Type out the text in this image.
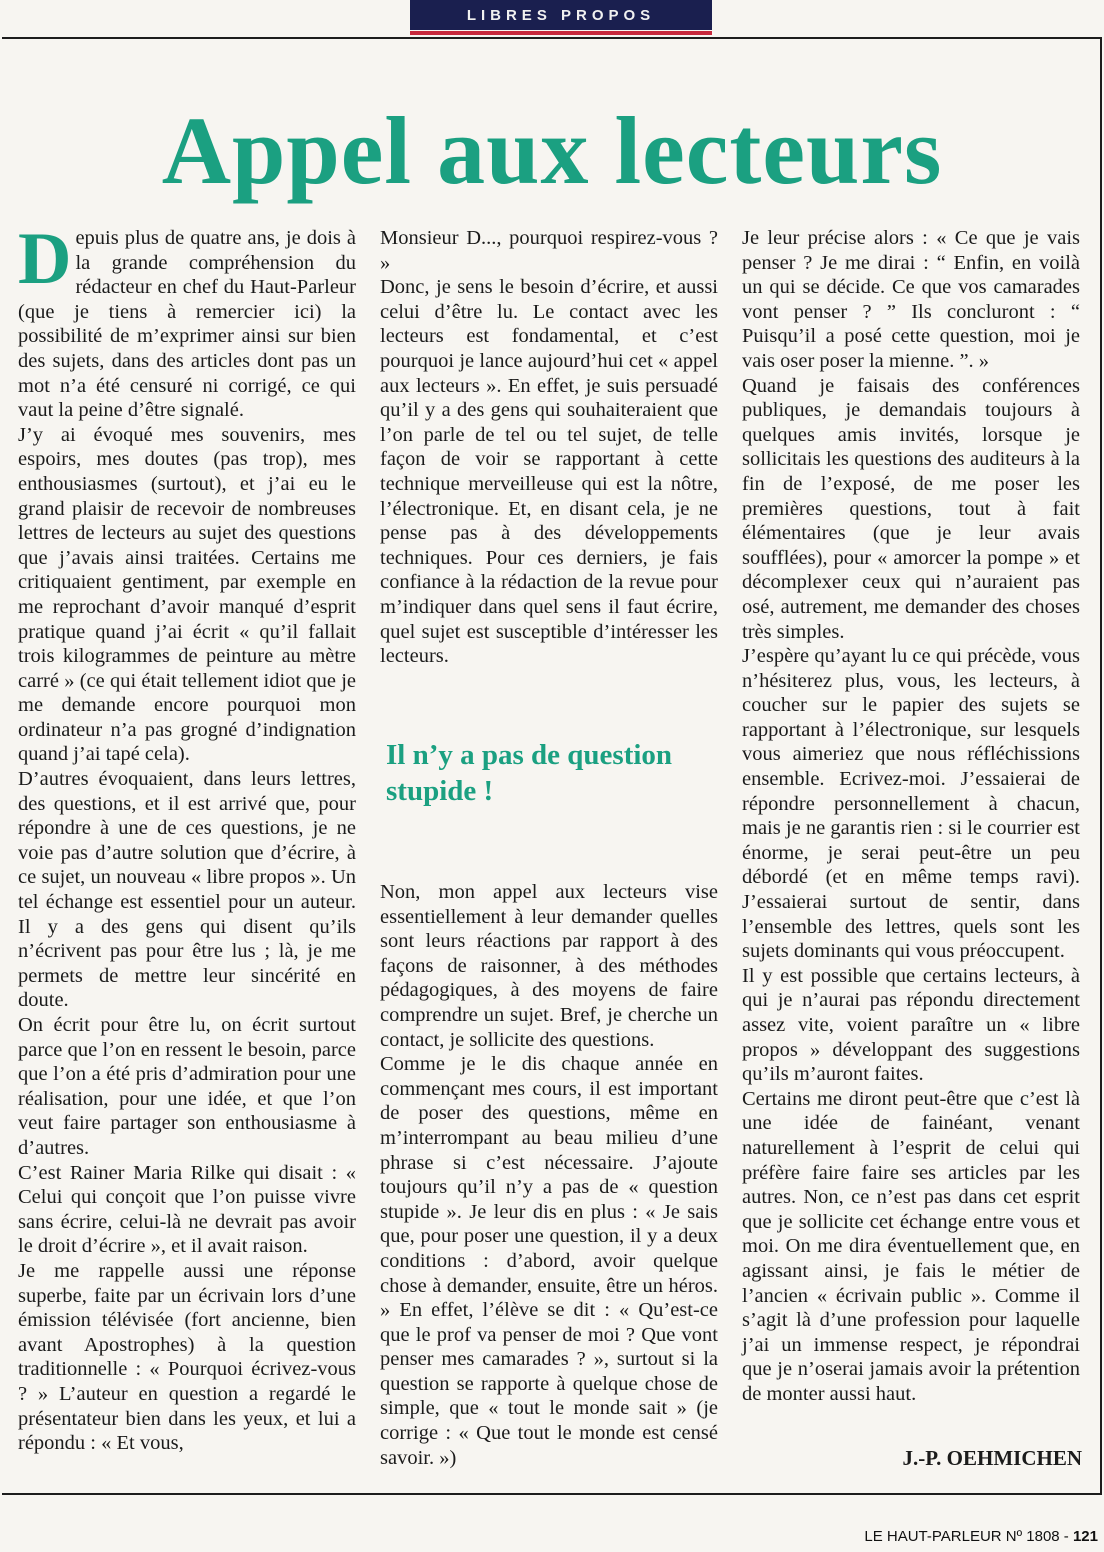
LIBRES PROPOS
Appel aux lecteurs

Depuis plus de quatre ans, je dois à la grande compréhension du rédacteur en chef du Haut-Parleur (que je tiens à remercier ici) la possibilité de m’exprimer ainsi sur bien des sujets, dans des articles dont pas un mot n’a été censuré ni corrigé, ce qui vaut la peine d’être signalé.

J’y ai évoqué mes souvenirs, mes espoirs, mes doutes (pas trop), mes enthousiasmes (surtout), et j’ai eu le grand plaisir de recevoir de nombreuses lettres de lecteurs au sujet des questions que j’avais ainsi traitées. Certains me critiquaient gentiment, par exemple en me reprochant d’avoir manqué d’esprit pratique quand j’ai écrit « qu’il fallait trois kilogrammes de peinture au mètre carré » (ce qui était tellement idiot que je me demande encore pourquoi mon ordinateur n’a pas grogné d’indignation quand j’ai tapé cela).

D’autres évoquaient, dans leurs lettres, des questions, et il est arrivé que, pour répondre à une de ces questions, je ne voie pas d’autre solution que d’écrire, à ce sujet, un nouveau « libre propos ». Un tel échange est essentiel pour un auteur. Il y a des gens qui disent qu’ils n’écrivent pas pour être lus ; là, je me permets de mettre leur sincérité en doute.

On écrit pour être lu, on écrit surtout parce que l’on en ressent le besoin, parce que l’on a été pris d’admiration pour une réalisation, pour une idée, et que l’on veut faire partager son enthousiasme à d’autres.

C’est Rainer Maria Rilke qui disait : « Celui qui conçoit que l’on puisse vivre sans écrire, celui-là ne devrait pas avoir le droit d’écrire », et il avait raison.

Je me rappelle aussi une réponse superbe, faite par un écrivain lors d’une émission télévisée (fort ancienne, bien avant Apostrophes) à la question traditionnelle : « Pourquoi écrivez-vous ? » L’auteur en question a regardé le présentateur bien dans les yeux, et lui a répondu : « Et vous,

Monsieur D..., pourquoi respirez-vous ? »

Donc, je sens le besoin d’écrire, et aussi celui d’être lu. Le contact avec les lecteurs est fondamental, et c’est pourquoi je lance aujourd’hui cet « appel aux lecteurs ». En effet, je suis persuadé qu’il y a des gens qui souhaiteraient que l’on parle de tel ou tel sujet, de telle façon de voir se rapportant à cette technique merveilleuse qui est la nôtre, l’électronique. Et, en disant cela, je ne pense pas à des développements techniques. Pour ces derniers, je fais confiance à la rédaction de la revue pour m’indiquer dans quel sens il faut écrire, quel sujet est susceptible d’intéresser les lecteurs.

Il n’y a pas de question stupide !

Non, mon appel aux lecteurs vise essentiellement à leur demander quelles sont leurs réactions par rapport à des façons de raisonner, à des méthodes pédagogiques, à des moyens de faire comprendre un sujet. Bref, je cherche un contact, je sollicite des questions.

Comme je le dis chaque année en commençant mes cours, il est important de poser des questions, même en m’interrompant au beau milieu d’une phrase si c’est nécessaire. J’ajoute toujours qu’il n’y a pas de « question stupide ». Je leur dis en plus : « Je sais que, pour poser une question, il y a deux conditions : d’abord, avoir quelque chose à demander, ensuite, être un héros. » En effet, l’élève se dit : « Qu’est-ce que le prof va penser de moi ? Que vont penser mes camarades ? », surtout si la question se rapporte à quelque chose de simple, que « tout le monde sait » (je corrige : « Que tout le monde est censé savoir. »)

Je leur précise alors : « Ce que je vais penser ? Je me dirai : “ Enfin, en voilà un qui se décide. Ce que vos camarades vont penser ? ” Ils concluront : “ Puisqu’il a posé cette question, moi je vais oser poser la mienne. ”. »

Quand je faisais des conférences publiques, je demandais toujours à quelques amis invités, lorsque je sollicitais les questions des auditeurs à la fin de l’exposé, de me poser les premières questions, tout à fait élémentaires (que je leur avais soufflées), pour « amorcer la pompe » et décomplexer ceux qui n’auraient pas osé, autrement, me demander des choses très simples.

J’espère qu’ayant lu ce qui précède, vous n’hésiterez plus, vous, les lecteurs, à coucher sur le papier des sujets se rapportant à l’électronique, sur lesquels vous aimeriez que nous réfléchissions ensemble. Ecrivez-moi. J’essaierai de répondre personnellement à chacun, mais je ne garantis rien : si le courrier est énorme, je serai peut-être un peu débordé (et en même temps ravi). J’essaierai surtout de sentir, dans l’ensemble des lettres, quels sont les sujets dominants qui vous préoccupent.

Il y est possible que certains lecteurs, à qui je n’aurai pas répondu directement assez vite, voient paraître un « libre propos » développant des suggestions qu’ils m’auront faites.

Certains me diront peut-être que c’est là une idée de fainéant, venant naturellement à l’esprit de celui qui préfère faire faire ses articles par les autres. Non, ce n’est pas dans cet esprit que je sollicite cet échange entre vous et moi. On me dira éventuellement que, en agissant ainsi, je fais le métier de l’ancien « écrivain public ». Comme il s’agit là d’une profession pour laquelle j’ai un immense respect, je répondrai que je n’oserai jamais avoir la prétention de monter aussi haut.

J.-P. OEHMICHEN
LE HAUT-PARLEUR Nº 1808 - 121
